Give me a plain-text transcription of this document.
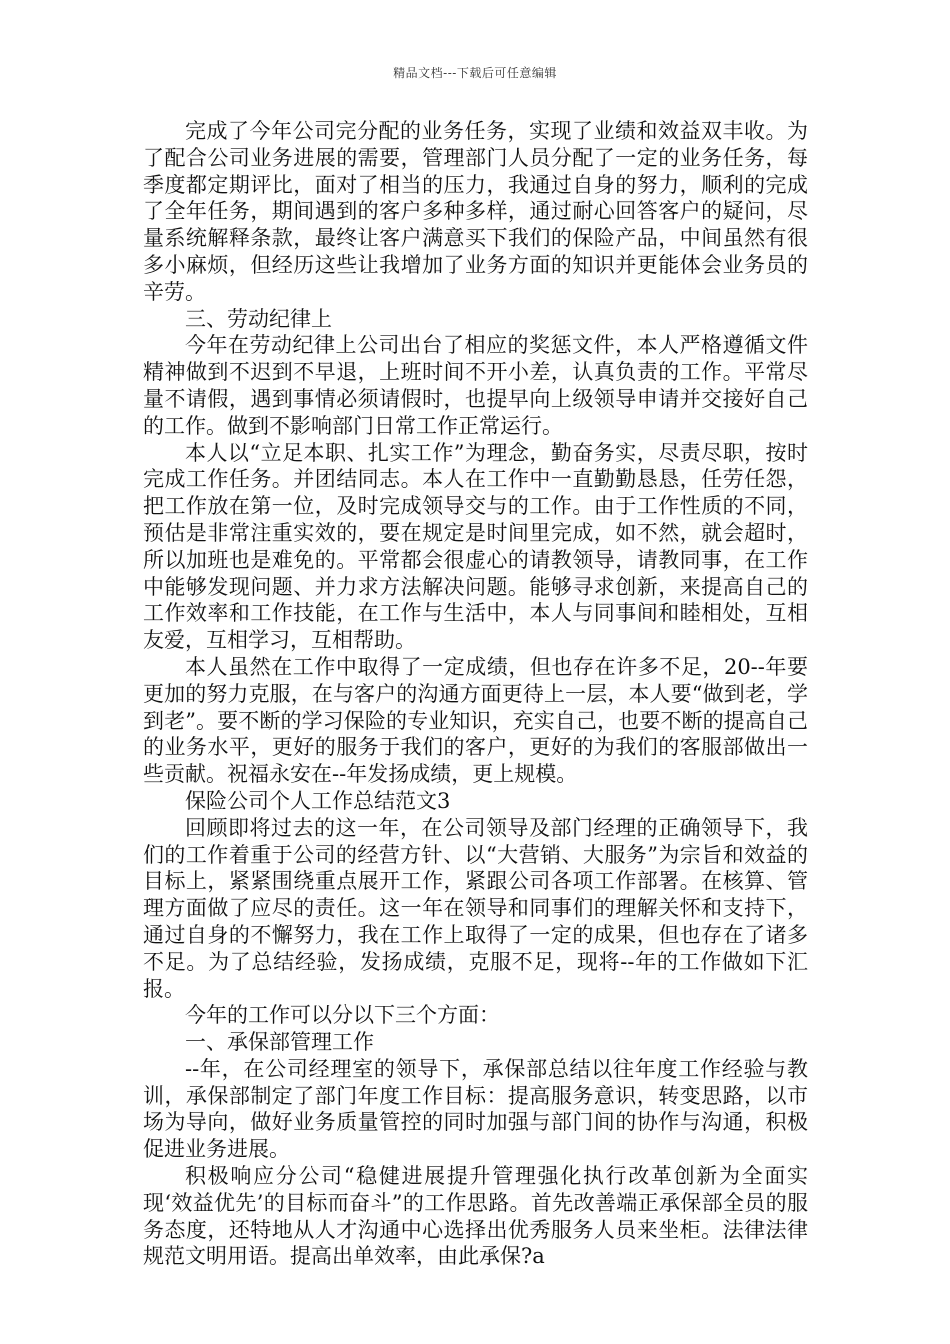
精品文档---下载后可任意编辑

完成了今年公司完分配的业务任务，实现了业绩和效益双丰收。为了配合公司业务进展的需要，管理部门人员分配了一定的业务任务，每季度都定期评比，面对了相当的压力，我通过自身的努力，顺利的完成了全年任务，期间遇到的客户多种多样，通过耐心回答客户的疑问，尽量系统解释条款，最终让客户满意买下我们的保险产品，中间虽然有很多小麻烦，但经历这些让我增加了业务方面的知识并更能体会业务员的辛劳。

三、劳动纪律上

今年在劳动纪律上公司出台了相应的奖惩文件，本人严格遵循文件精神做到不迟到不早退，上班时间不开小差，认真负责的工作。平常尽量不请假，遇到事情必须请假时，也提早向上级领导申请并交接好自己的工作。做到不影响部门日常工作正常运行。

本人以“立足本职、扎实工作”为理念，勤奋务实，尽责尽职，按时完成工作任务。并团结同志。本人在工作中一直勤勤恳恳，任劳任怨，把工作放在第一位，及时完成领导交与的工作。由于工作性质的不同，预估是非常注重实效的，要在规定是时间里完成，如不然，就会超时，所以加班也是难免的。平常都会很虚心的请教领导，请教同事，在工作中能够发现问题、并力求方法解决问题。能够寻求创新，来提高自己的工作效率和工作技能，在工作与生活中，本人与同事间和睦相处，互相友爱，互相学习，互相帮助。

本人虽然在工作中取得了一定成绩，但也存在许多不足，20--年要更加的努力克服，在与客户的沟通方面更待上一层，本人要“做到老，学到老”。要不断的学习保险的专业知识，充实自己，也要不断的提高自己的业务水平，更好的服务于我们的客户，更好的为我们的客服部做出一些贡献。祝福永安在--年发扬成绩，更上规模。

保险公司个人工作总结范文3

回顾即将过去的这一年，在公司领导及部门经理的正确领导下，我们的工作着重于公司的经营方针、以“大营销、大服务”为宗旨和效益的目标上，紧紧围绕重点展开工作，紧跟公司各项工作部署。在核算、管理方面做了应尽的责任。这一年在领导和同事们的理解关怀和支持下，通过自身的不懈努力，我在工作上取得了一定的成果，但也存在了诸多不足。为了总结经验，发扬成绩，克服不足，现将--年的工作做如下汇报。

今年的工作可以分以下三个方面：

一、承保部管理工作

--年，在公司经理室的领导下，承保部总结以往年度工作经验与教训，承保部制定了部门年度工作目标：提高服务意识，转变思路，以市场为导向，做好业务质量管控的同时加强与部门间的协作与沟通，积极促进业务进展。

积极响应分公司“稳健进展提升管理强化执行改革创新为全面实现‘效益优先’的目标而奋斗”的工作思路。首先改善端正承保部全员的服务态度，还特地从人才沟通中心选择出优秀服务人员来坐柜。法律法律规范文明用语。提高出单效率，由此承保?a
